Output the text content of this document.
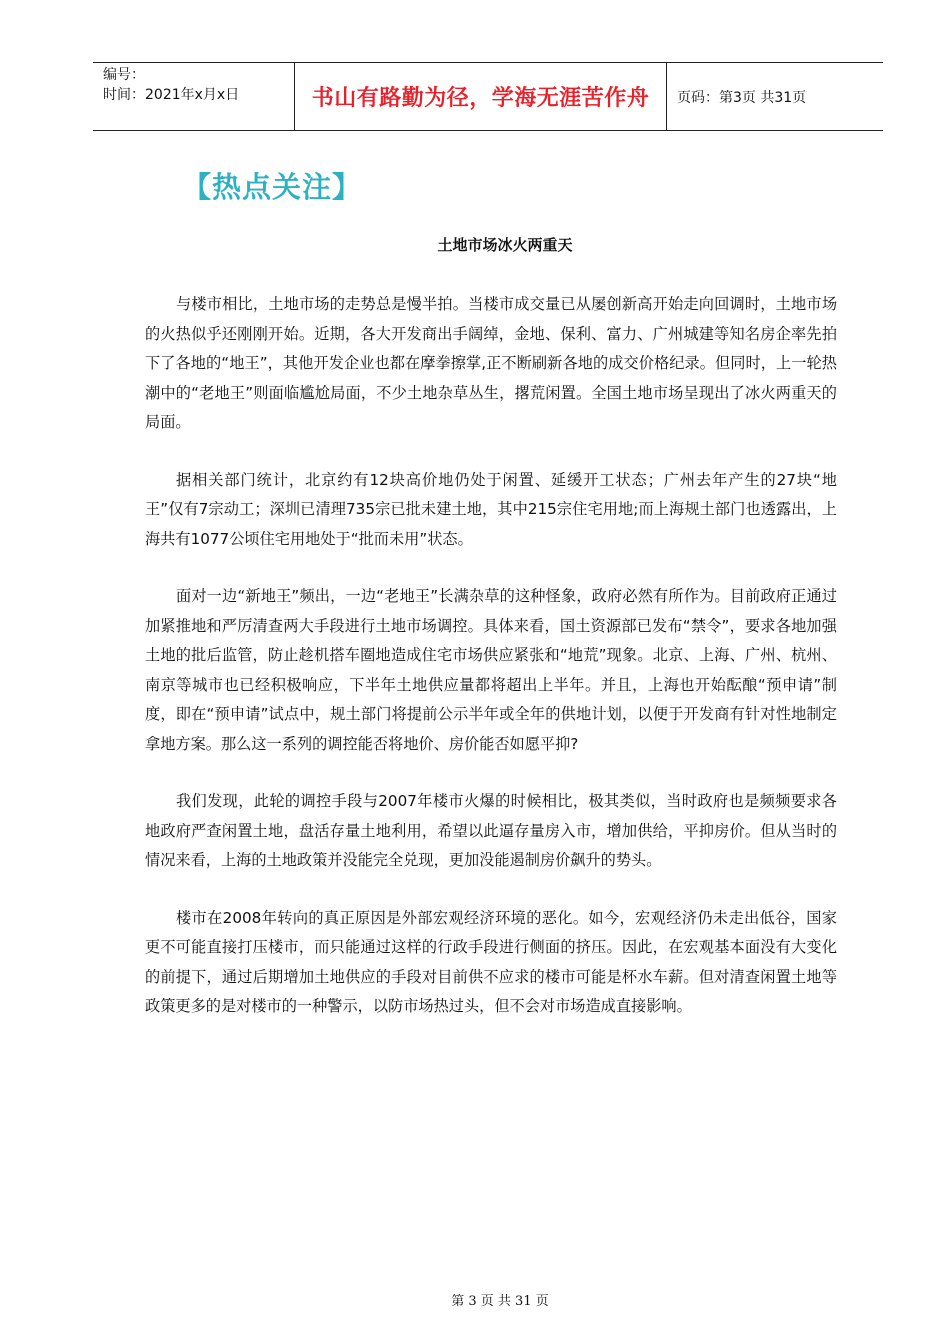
编号：
时间：2021年x月x日	书山有路勤为径，学海无涯苦作舟 页码：第3页 共31页
【热点关注】
土地市场冰火两重天

与楼市相比，土地市场的走势总是慢半拍。当楼市成交量已从屡创新高开始走向回调时，土地市场的火热似乎还刚刚开始。近期，各大开发商出手阔绰，金地、保利、富力、广州城建等知名房企率先拍下了各地的“地王”，其他开发企业也都在摩拳擦掌,正不断刷新各地的成交价格纪录。但同时，上一轮热潮中的“老地王”则面临尴尬局面，不少土地杂草丛生，撂荒闲置。全国土地市场呈现出了冰火两重天的局面。

据相关部门统计，北京约有12块高价地仍处于闲置、延缓开工状态；广州去年产生的27块“地王”仅有7宗动工；深圳已清理735宗已批未建土地，其中215宗住宅用地;而上海规土部门也透露出，上海共有1077公顷住宅用地处于“批而未用”状态。

面对一边“新地王”频出，一边“老地王”长满杂草的这种怪象，政府必然有所作为。目前政府正通过加紧推地和严厉清查两大手段进行土地市场调控。具体来看，国土资源部已发布“禁令”，要求各地加强土地的批后监管，防止趁机搭车圈地造成住宅市场供应紧张和“地荒”现象。北京、上海、广州、杭州、南京等城市也已经积极响应，下半年土地供应量都将超出上半年。并且，上海也开始酝酿“预申请”制度，即在“预申请”试点中，规土部门将提前公示半年或全年的供地计划，以便于开发商有针对性地制定拿地方案。那么这一系列的调控能否将地价、房价能否如愿平抑?

我们发现，此轮的调控手段与2007年楼市火爆的时候相比，极其类似，当时政府也是频频要求各地政府严查闲置土地，盘活存量土地利用，希望以此逼存量房入市，增加供给，平抑房价。但从当时的情况来看，上海的土地政策并没能完全兑现，更加没能遏制房价飙升的势头。

楼市在2008年转向的真正原因是外部宏观经济环境的恶化。如今，宏观经济仍未走出低谷，国家更不可能直接打压楼市，而只能通过这样的行政手段进行侧面的挤压。因此，在宏观基本面没有大变化的前提下，通过后期增加土地供应的手段对目前供不应求的楼市可能是杯水车薪。但对清查闲置土地等政策更多的是对楼市的一种警示，以防市场热过头，但不会对市场造成直接影响。

第 3 页 共 31 页
